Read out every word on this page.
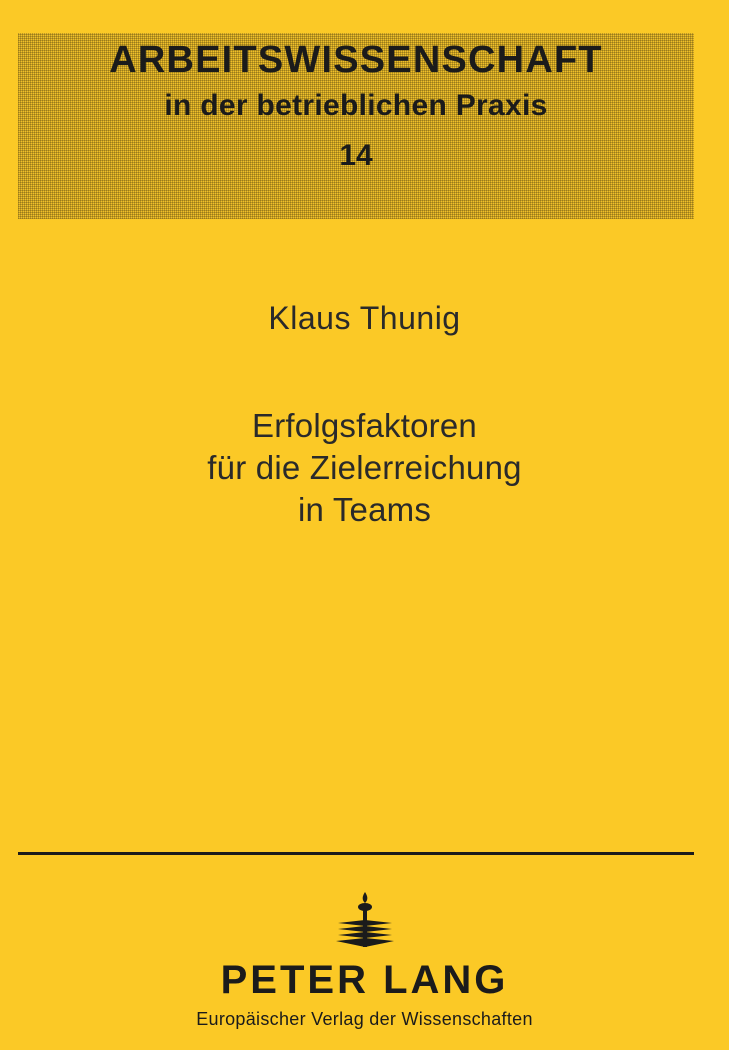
ARBEITSWISSENSCHAFT
in der betrieblichen Praxis
14
Klaus Thunig
Erfolgsfaktoren
für die Zielerreichung
in Teams
PETER LANG
Europäischer Verlag der Wissenschaften
